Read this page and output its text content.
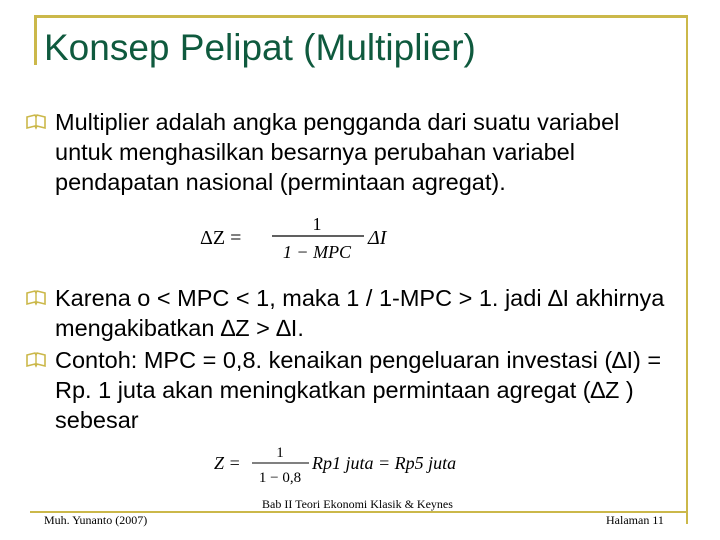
Konsep Pelipat (Multiplier)
Multiplier adalah angka pengganda dari suatu variabel untuk menghasilkan besarnya perubahan variabel pendapatan nasional (permintaan agregat).
ΔZ =
1
1 − MPC
ΔI
Karena o < MPC < 1, maka 1 / 1-MPC > 1. jadi ∆I akhirnya mengakibatkan ∆Z > ∆I.
Contoh: MPC = 0,8. kenaikan pengeluaran investasi (∆I) = Rp. 1 juta akan meningkatkan permintaan agregat (∆Z ) sebesar
Z = 1
1 − 0,8
Rp1 juta = Rp5 juta
Muh. Yunanto (2007)
Bab II Teori Ekonomi Klasik & Keynes
Halaman 11
